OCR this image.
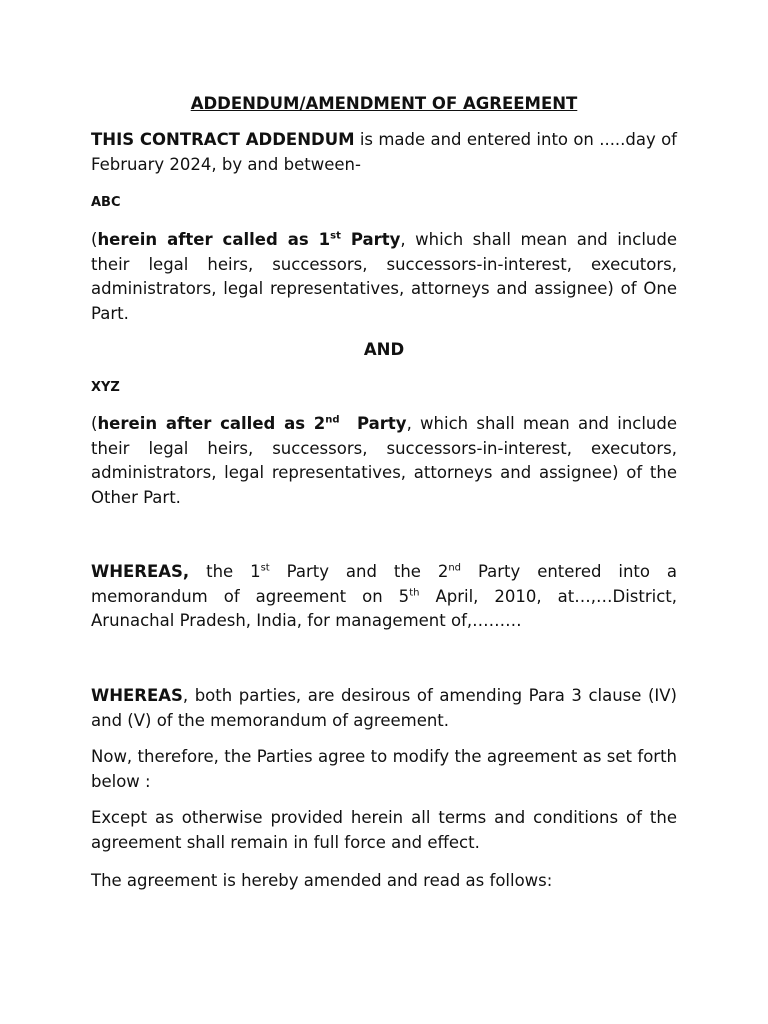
ADDENDUM/AMENDMENT OF AGREEMENT
THIS CONTRACT ADDENDUM is made and entered into on .....day of February 2024, by and between-
ABC
(herein after called as 1st Party, which shall mean and include their legal heirs, successors, successors-in-interest, executors, administrators, legal representatives, attorneys and assignee) of One Part.
AND
XYZ
(herein after called as 2nd  Party, which shall mean and include their legal heirs, successors, successors-in-interest, executors, administrators, legal representatives, attorneys and assignee) of the Other Part.
WHEREAS, the 1st Party and the 2nd Party entered into a memorandum of agreement on 5th April, 2010, at…,…District, Arunachal Pradesh, India, for management of,………
WHEREAS, both parties, are desirous of amending Para 3 clause (IV) and (V) of the memorandum of agreement.
Now, therefore, the Parties agree to modify the agreement as set forth below :
Except as otherwise provided herein all terms and conditions of the agreement shall remain in full force and effect.
The agreement is hereby amended and read as follows:
